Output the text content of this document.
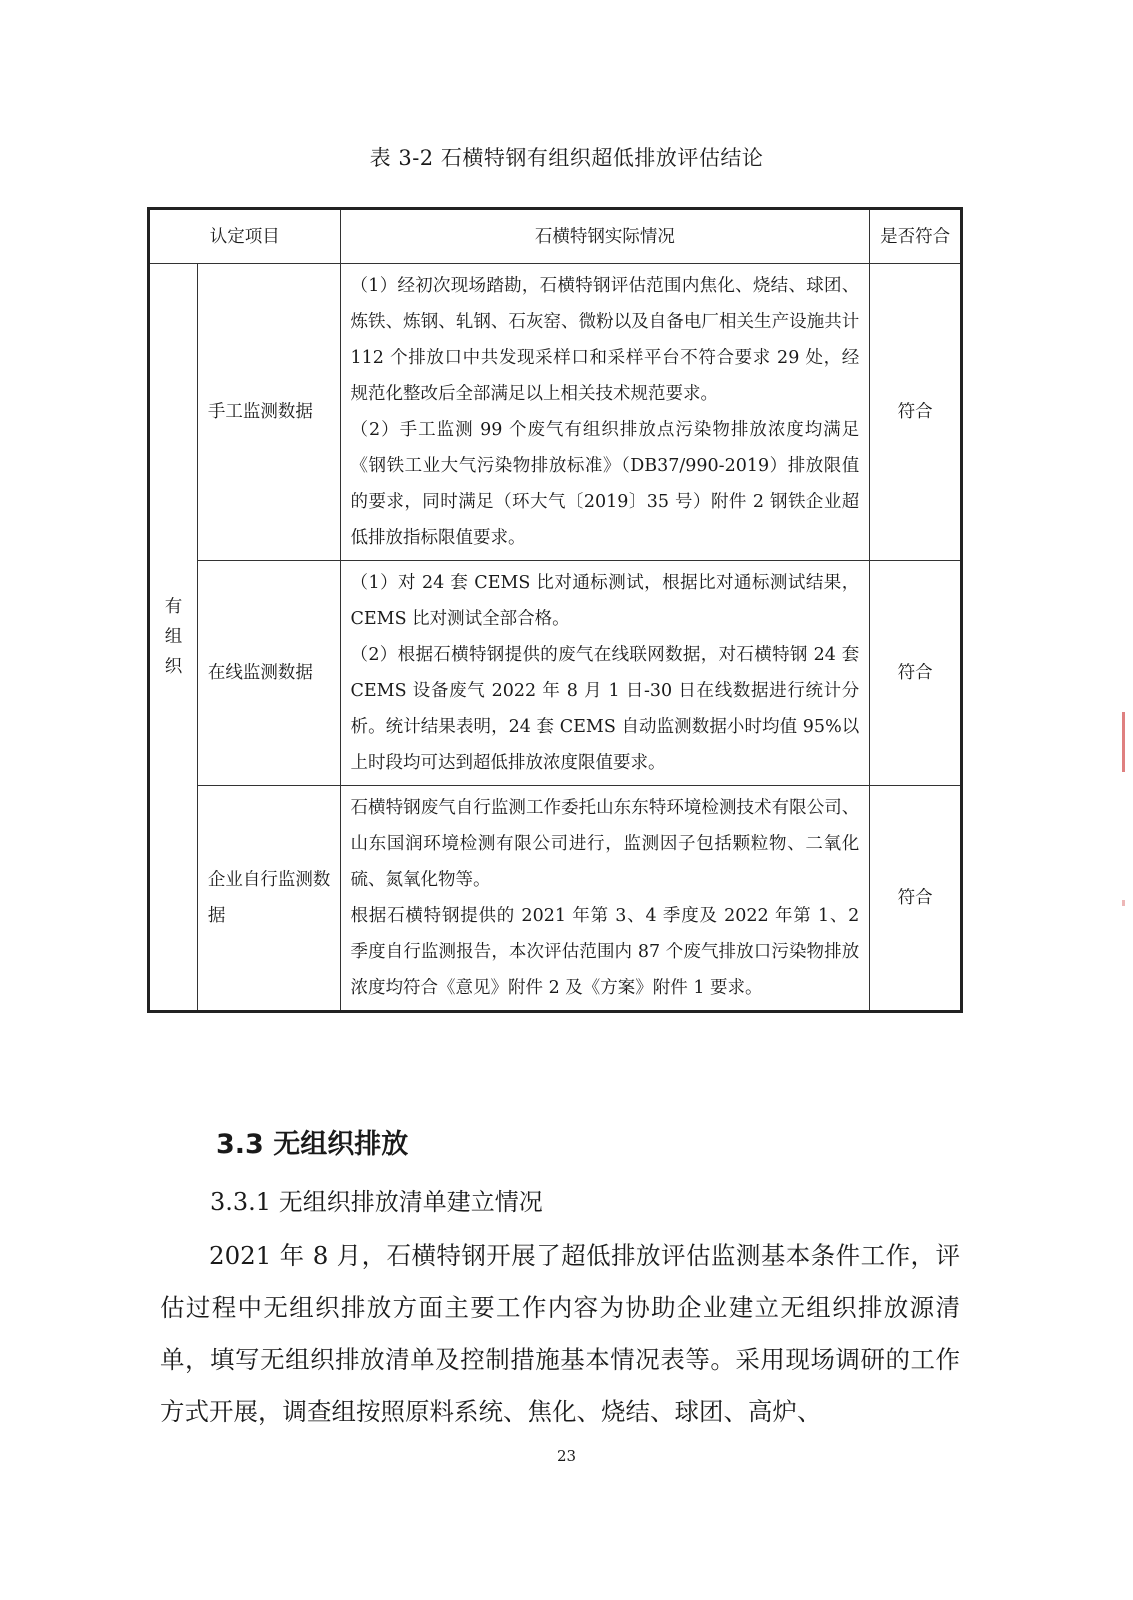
表 3-2 石横特钢有组织超低排放评估结论
认定项目		石横特钢实际情况	是否符合
有组织	手工监测数据	（1）经初次现场踏勘，石横特钢评估范围内焦化、烧结、球团、炼铁、炼钢、轧钢、石灰窑、微粉以及自备电厂相关生产设施共计 112 个排放口中共发现采样口和采样平台不符合要求 29 处，经规范化整改后全部满足以上相关技术规范要求。

（2）手工监测 99 个废气有组织排放点污染物排放浓度均满足《钢铁工业大气污染物排放标准》（DB37/990-2019）排放限值的要求，同时满足（环大气〔2019〕35 号）附件 2 钢铁企业超低排放指标限值要求。	符合
	在线监测数据	（1）对 24 套 CEMS 比对通标测试，根据比对通标测试结果，CEMS 比对测试全部合格。

（2）根据石横特钢提供的废气在线联网数据，对石横特钢 24 套 CEMS 设备废气 2022 年 8 月 1 日-30 日在线数据进行统计分析。统计结果表明，24 套 CEMS 自动监测数据小时均值 95%以上时段均可达到超低排放浓度限值要求。	符合
	企业自行监测数据	石横特钢废气自行监测工作委托山东东特环境检测技术有限公司、山东国润环境检测有限公司进行，监测因子包括颗粒物、二氧化硫、氮氧化物等。

根据石横特钢提供的 2021 年第 3、4 季度及 2022 年第 1、2 季度自行监测报告，本次评估范围内 87 个废气排放口污染物排放浓度均符合《意见》附件 2 及《方案》附件 1 要求。	符合
3.3 无组织排放
3.3.1 无组织排放清单建立情况

2021 年 8 月，石横特钢开展了超低排放评估监测基本条件工作，评估过程中无组织排放方面主要工作内容为协助企业建立无组织排放源清单，填写无组织排放清单及控制措施基本情况表等。采用现场调研的工作方式开展，调查组按照原料系统、焦化、烧结、球团、高炉、

23
